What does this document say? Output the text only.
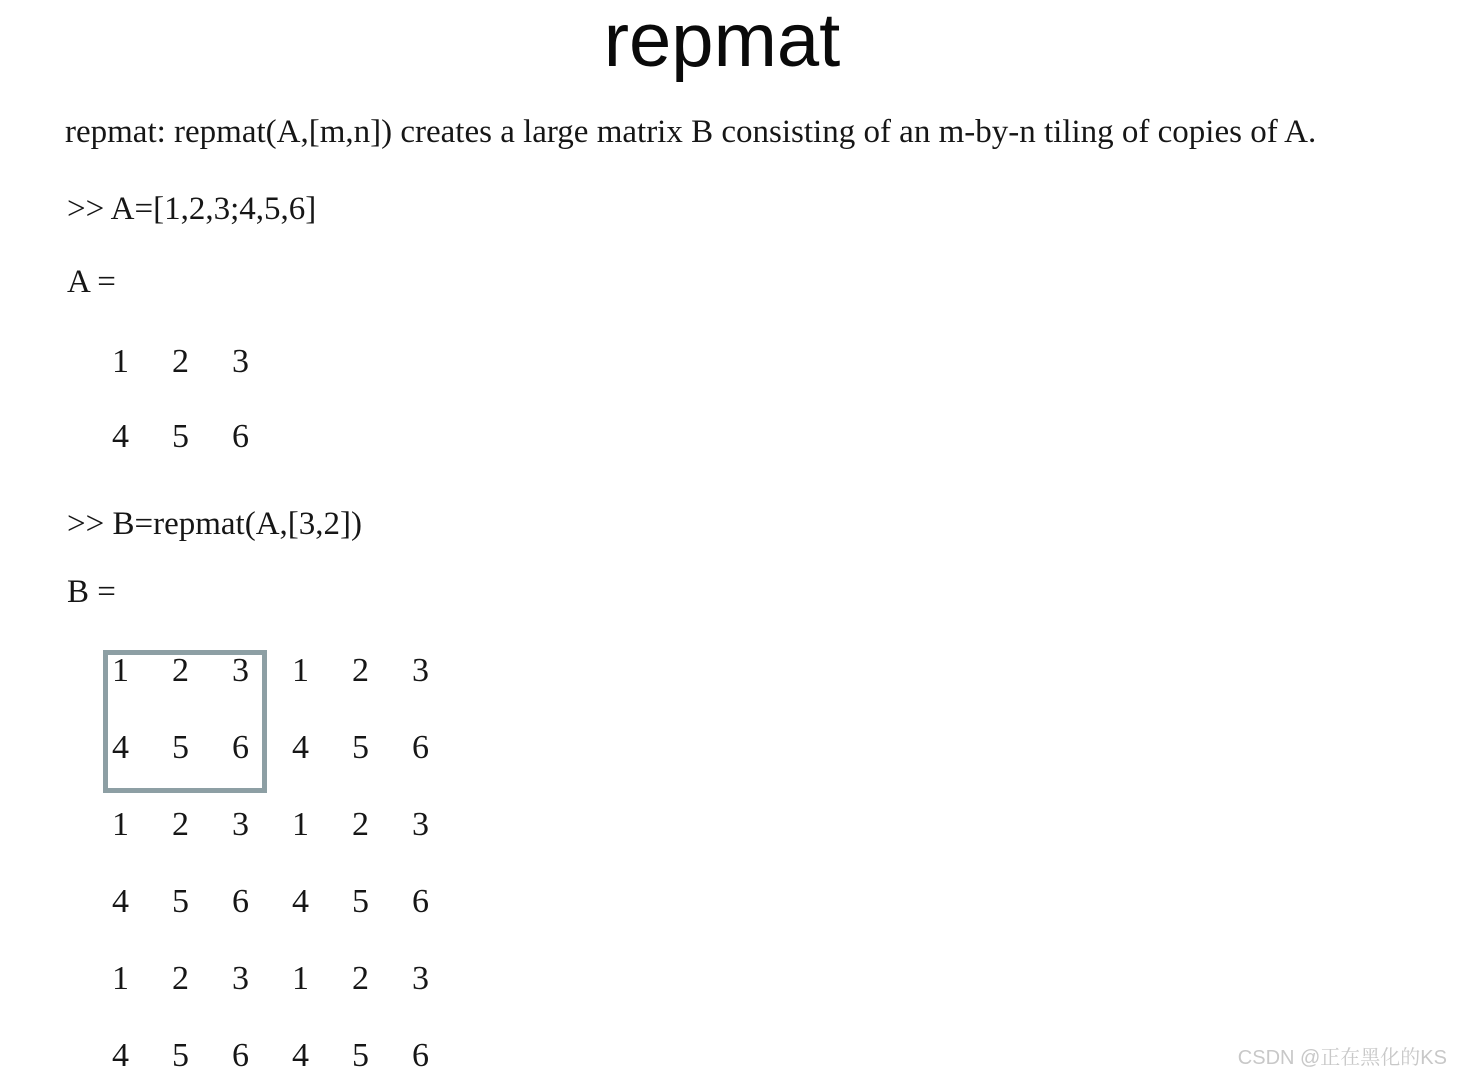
repmat
repmat: repmat(A,[m,n]) creates a large matrix B consisting of an m-by-n tiling of copies of A.
>> A=[1,2,3;4,5,6]
A =
1 2 3
4 5 6
>> B=repmat(A,[3,2])
B =
1 2 3 1 2 3
4 5 6 4 5 6
1 2 3 1 2 3
4 5 6 4 5 6
1 2 3 1 2 3
4 5 6 4 5 6	CSDN @正在黑化的KS
